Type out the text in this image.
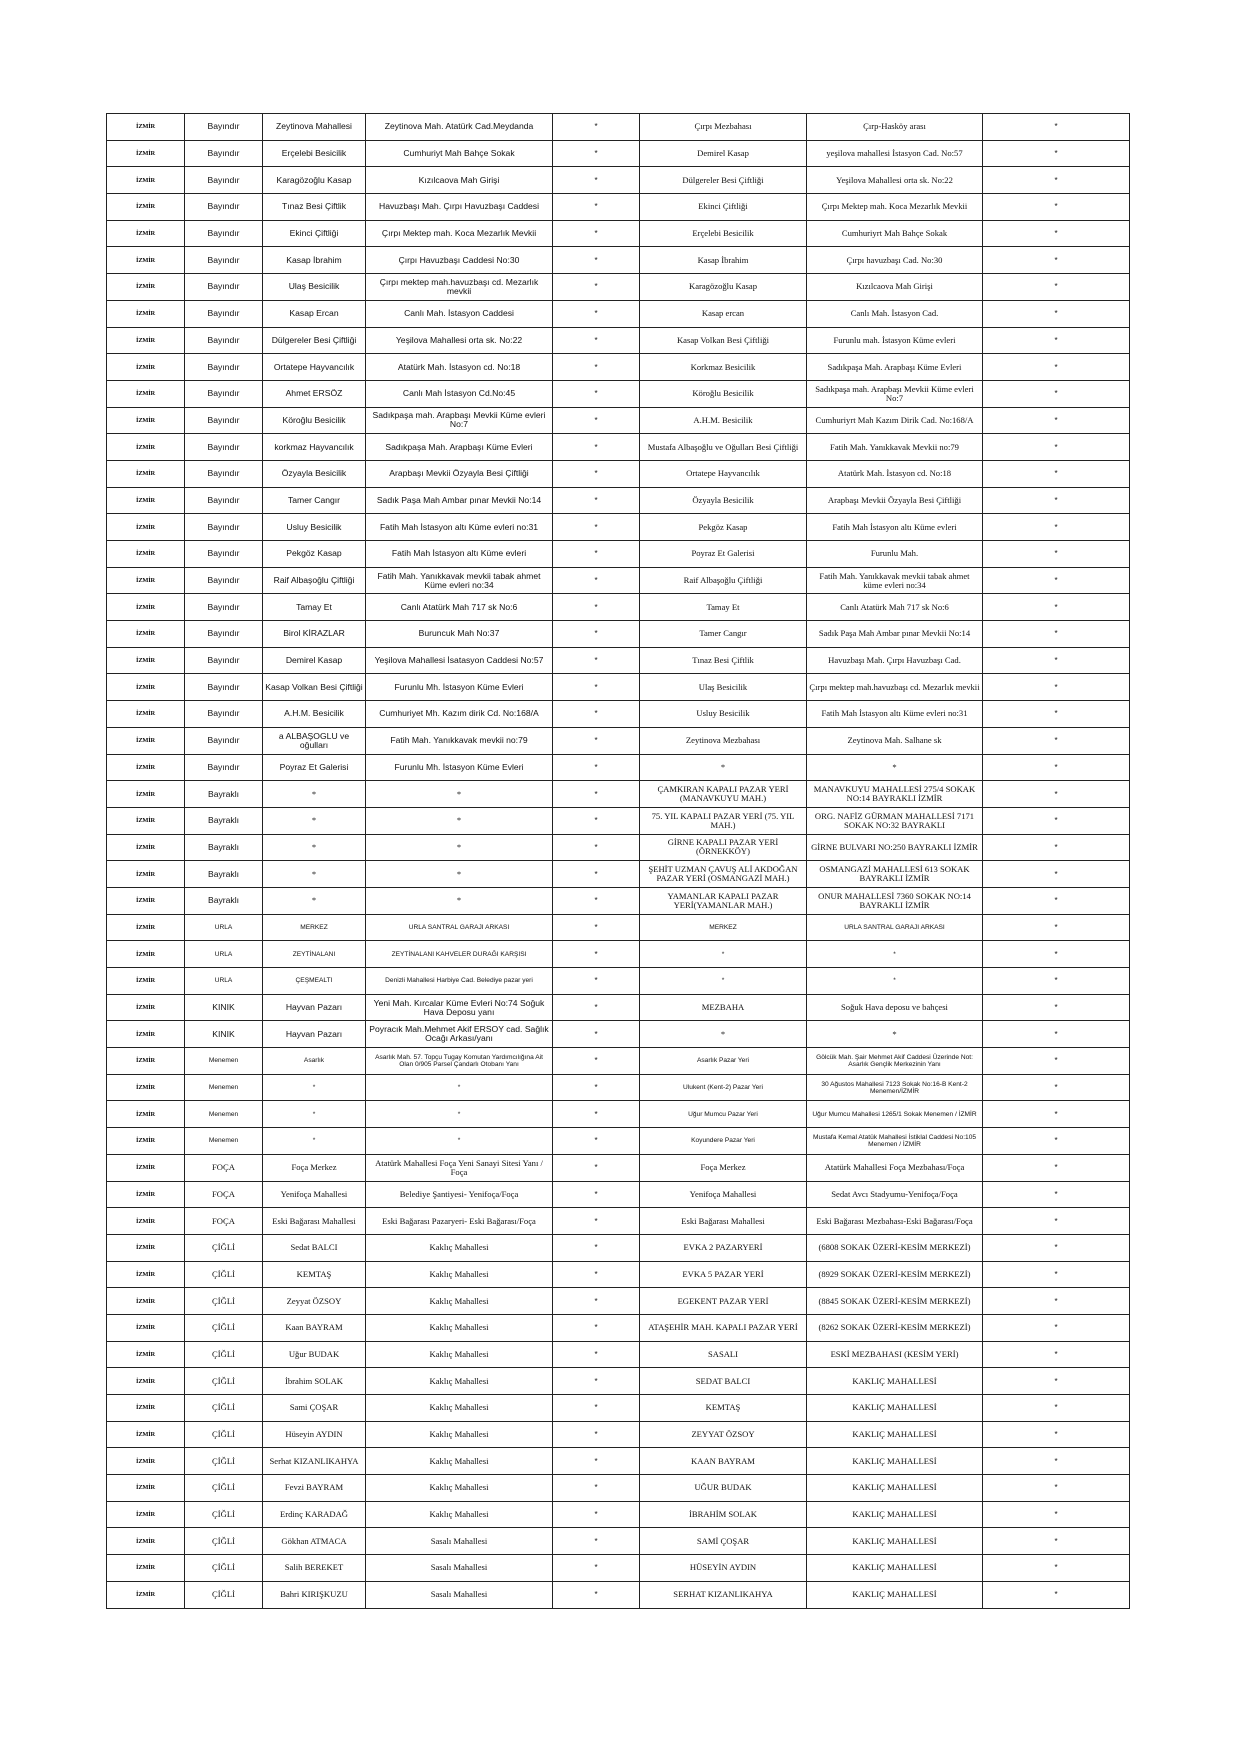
İZMİR	Bayındır	Zeytinova Mahallesi	Zeytinova Mah. Atatürk Cad.Meydanda	*	Çırpı Mezbahası	Çırp-Hasköy arası	*
İZMİR	Bayındır	Erçelebi Besicilik	Cumhuriyt Mah Bahçe Sokak	*	Demirel Kasap	yeşilova mahallesi İstasyon Cad. No:57	*
İZMİR	Bayındır	Karagözoğlu Kasap	Kızılcaova Mah Girişi	*	Dülgereler Besi Çiftliği	Yeşilova Mahallesi orta sk. No:22	*
İZMİR	Bayındır	Tınaz Besi Çiftlik	Havuzbaşı Mah. Çırpı Havuzbaşı Caddesi	*	Ekinci Çiftliği	Çırpı Mektep mah. Koca Mezarlık Mevkii	*
İZMİR	Bayındır	Ekinci Çiftliği	Çırpı Mektep mah. Koca Mezarlık Mevkii	*	Erçelebi Besicilik	Cumhuriyrt Mah Bahçe Sokak	*
İZMİR	Bayındır	Kasap İbrahim	Çırpı Havuzbaşı Caddesi No:30	*	Kasap İbrahim	Çırpı havuzbaşı Cad. No:30	*
İZMİR	Bayındır	Ulaş Besicilik	Çırpı mektep mah.havuzbaşı cd. Mezarlık mevkii	*	Karagözoğlu Kasap	Kızılcaova Mah Girişi	*
İZMİR	Bayındır	Kasap Ercan	Canlı Mah. İstasyon Caddesi	*	Kasap ercan	Canlı Mah. İstasyon Cad.	*
İZMİR	Bayındır	Dülgereler Besi Çiftliği	Yeşilova Mahallesi orta sk. No:22	*	Kasap Volkan Besi Çiftliği	Furunlu mah. İstasyon Küme evleri	*
İZMİR	Bayındır	Ortatepe Hayvancılık	Atatürk Mah. İstasyon cd. No:18	*	Korkmaz Besicilik	Sadıkpaşa Mah. Arapbaşı Küme Evleri	*
İZMİR	Bayındır	Ahmet ERSÖZ	Canlı Mah İstasyon Cd.No:45	*	Köroğlu Besicilik	Sadıkpaşa mah. Arapbaşı Mevkii Küme evleri No:7	*
İZMİR	Bayındır	Köroğlu Besicilik	Sadıkpaşa mah. Arapbaşı Mevkii Küme evleri No:7	*	A.H.M. Besicilik	Cumhuriyrt Mah Kazım Dirik Cad. No:168/A	*
İZMİR	Bayındır	korkmaz Hayvancılık	Sadıkpaşa Mah. Arapbaşı Küme Evleri	*	Mustafa Albaşoğlu ve Oğulları Besi Çiftliği	Fatih Mah. Yanıkkavak Mevkii no:79	*
İZMİR	Bayındır	Özyayla Besicilik	Arapbaşı Mevkii Özyayla Besi Çiftliği	*	Ortatepe Hayvancılık	Atatürk Mah. İstasyon cd. No:18	*
İZMİR	Bayındır	Tamer Cangır	Sadık Paşa Mah Ambar pınar Mevkii No:14	*	Özyayla Besicilik	Arapbaşı Mevkii Özyayla Besi Çiftliği	*
İZMİR	Bayındır	Usluy Besicilik	Fatih Mah İstasyon altı Küme evleri no:31	*	Pekgöz Kasap	Fatih Mah İstasyon altı Küme evleri	*
İZMİR	Bayındır	Pekgöz Kasap	Fatih Mah İstasyon altı Küme evleri	*	Poyraz Et Galerisi	Furunlu Mah.	*
İZMİR	Bayındır	Raif Albaşoğlu Çiftliği	Fatih Mah. Yanıkkavak mevkii tabak ahmet Küme evleri no:34	*	Raif Albaşoğlu Çiftliği	Fatih Mah. Yanıkkavak mevkii tabak ahmet küme evleri no:34	*
İZMİR	Bayındır	Tamay Et	Canlı Atatürk Mah 717 sk No:6	*	Tamay Et	Canlı Atatürk Mah 717 sk No:6	*
İZMİR	Bayındır	Birol KİRAZLAR	Buruncuk Mah No:37	*	Tamer Cangır	Sadık Paşa Mah Ambar pınar Mevkii No:14	*
İZMİR	Bayındır	Demirel Kasap	Yeşilova Mahallesi İsatasyon Caddesi No:57	*	Tınaz Besi Çiftlik	Havuzbaşı Mah. Çırpı Havuzbaşı Cad.	*
İZMİR	Bayındır	Kasap Volkan Besi Çiftliği	Furunlu Mh. İstasyon Küme Evleri	*	Ulaş Besicilik	Çırpı mektep mah.havuzbaşı cd. Mezarlık mevkii	*
İZMİR	Bayındır	A.H.M. Besicilik	Cumhuriyet Mh. Kazım dirik Cd. No:168/A	*	Usluy Besicilik	Fatih Mah İstasyon altı Küme evleri no:31	*
İZMİR	Bayındır	a ALBAŞOGLU ve oğulları	Fatih Mah. Yanıkkavak mevkii no:79	*	Zeytinova Mezbahası	Zeytinova Mah. Salhane sk	*
İZMİR	Bayındır	Poyraz Et Galerisi	Furunlu Mh. İstasyon Küme Evleri	*	*	*	*
İZMİR	Bayraklı	*	*	*	ÇAMKIRAN KAPALI PAZAR YERİ (MANAVKUYU MAH.)	MANAVKUYU MAHALLESİ 275/4 SOKAK NO:14 BAYRAKLI İZMİR	*
İZMİR	Bayraklı	*	*	*	75. YIL KAPALI PAZAR YERİ (75. YIL MAH.)	ORG. NAFİZ GÜRMAN MAHALLESİ 7171 SOKAK NO:32 BAYRAKLI	*
İZMİR	Bayraklı	*	*	*	GİRNE KAPALI PAZAR YERİ (ÖRNEKKÖY)	GİRNE BULVARI NO:250 BAYRAKLI İZMİR	*
İZMİR	Bayraklı	*	*	*	ŞEHİT UZMAN ÇAVUŞ ALİ AKDOĞAN PAZAR YERİ (OSMANGAZİ MAH.)	OSMANGAZİ MAHALLESİ 613 SOKAK BAYRAKLI İZMİR	*
İZMİR	Bayraklı	*	*	*	YAMANLAR KAPALI PAZAR YERİ(YAMANLAR MAH.)	ONUR MAHALLESİ 7360 SOKAK NO:14 BAYRAKLI İZMİR	*
İZMİR	URLA	MERKEZ	URLA SANTRAL GARAJI ARKASI	*	MERKEZ	URLA SANTRAL GARAJI ARKASI	*
İZMİR	URLA	ZEYTİNALANI	ZEYTİNALANI KAHVELER DURAĞI KARŞISI	*	*	*	*
İZMİR	URLA	ÇEŞMEALTI	Denizli Mahallesi Harbiye Cad. Belediye pazar yeri	*	*	*	*
İZMİR	KINIK	Hayvan Pazarı	Yeni Mah. Kırcalar Küme Evleri No:74 Soğuk Hava Deposu yanı	*	MEZBAHA	Soğuk Hava deposu ve bahçesi	*
İZMİR	KINIK	Hayvan Pazarı	Poyracık Mah.Mehmet Akif ERSOY cad. Sağlık Ocağı Arkası/yanı	*	*	*	*
İZMİR	Menemen	Asarlık	Asarlık Mah. 57. Topçu Tugay Komutan Yardımcılığına Ait Olan 0/905 Parsel Çandarlı Otobanı Yanı	*	Asarlık Pazar Yeri	Gölcük Mah. Şair Mehmet Akif Caddesi Üzerinde Not: Asarlık Gençlik Merkezinin Yanı	*
İZMİR	Menemen	*	*	*	Ulukent (Kent-2) Pazar Yeri	30 Ağustos Mahallesi 7123 Sokak No:16-B Kent-2 Menemen/İZMİR	*
İZMİR	Menemen	*	*	*	Uğur Mumcu Pazar Yeri	Uğur Mumcu Mahallesi 1265/1 Sokak Menemen / İZMİR	*
İZMİR	Menemen	*	*	*	Koyundere Pazar Yeri	Mustafa Kemal Atatük Mahallesi İstiklal Caddesi No:105 Menemen / İZMİR	*
İZMİR	FOÇA	Foça Merkez	Atatürk Mahallesi Foça Yeni Sanayi Sitesi Yanı / Foça	*	Foça Merkez	Atatürk Mahallesi Foça Mezbahası/Foça	*
İZMİR	FOÇA	Yenifoça Mahallesi	Belediye Şantiyesi- Yenifoça/Foça	*	Yenifoça Mahallesi	Sedat Avcı Stadyumu-Yenifoça/Foça	*
İZMİR	FOÇA	Eski Bağarası Mahallesi	Eski Bağarası Pazaryeri- Eski Bağarası/Foça	*	Eski Bağarası Mahallesi	Eski Bağarası Mezbahası-Eski Bağarası/Foça	*
İZMİR	ÇİĞLİ	Sedat BALCI	Kaklıç Mahallesi	*	EVKA 2 PAZARYERİ	(6808 SOKAK ÜZERİ-KESİM MERKEZİ)	*
İZMİR	ÇİĞLİ	KEMTAŞ	Kaklıç Mahallesi	*	EVKA 5 PAZAR YERİ	(8929 SOKAK ÜZERİ-KESİM MERKEZİ)	*
İZMİR	ÇİĞLİ	Zeyyat ÖZSOY	Kaklıç Mahallesi	*	EGEKENT PAZAR YERİ	(8845 SOKAK ÜZERİ-KESİM MERKEZİ)	*
İZMİR	ÇİĞLİ	Kaan BAYRAM	Kaklıç Mahallesi	*	ATAŞEHİR MAH. KAPALI PAZAR YERİ	(8262 SOKAK ÜZERİ-KESİM MERKEZİ)	*
İZMİR	ÇİĞLİ	Uğur BUDAK	Kaklıç Mahallesi	*	SASALI	ESKİ MEZBAHASI (KESİM YERİ)	*
İZMİR	ÇİĞLİ	İbrahim SOLAK	Kaklıç Mahallesi	*	SEDAT BALCI	KAKLIÇ MAHALLESİ	*
İZMİR	ÇİĞLİ	Sami ÇOŞAR	Kaklıç Mahallesi	*	KEMTAŞ	KAKLIÇ MAHALLESİ	*
İZMİR	ÇİĞLİ	Hüseyin AYDIN	Kaklıç Mahallesi	*	ZEYYAT ÖZSOY	KAKLIÇ MAHALLESİ	*
İZMİR	ÇİĞLİ	Serhat KIZANLIKAHYA	Kaklıç Mahallesi	*	KAAN BAYRAM	KAKLIÇ MAHALLESİ	*
İZMİR	ÇİĞLİ	Fevzi BAYRAM	Kaklıç Mahallesi	*	UĞUR BUDAK	KAKLIÇ MAHALLESİ	*
İZMİR	ÇİĞLİ	Erdinç KARADAĞ	Kaklıç Mahallesi	*	İBRAHİM SOLAK	KAKLIÇ MAHALLESİ	*
İZMİR	ÇİĞLİ	Gökhan ATMACA	Sasalı Mahallesi	*	SAMİ ÇOŞAR	KAKLIÇ MAHALLESİ	*
İZMİR	ÇİĞLİ	Salih BEREKET	Sasalı Mahallesi	*	HÜSEYİN AYDIN	KAKLIÇ MAHALLESİ	*
İZMİR	ÇİĞLİ	Bahri KIRIŞKUZU	Sasalı Mahallesi	*	SERHAT KIZANLIKAHYA	KAKLIÇ MAHALLESİ	*
